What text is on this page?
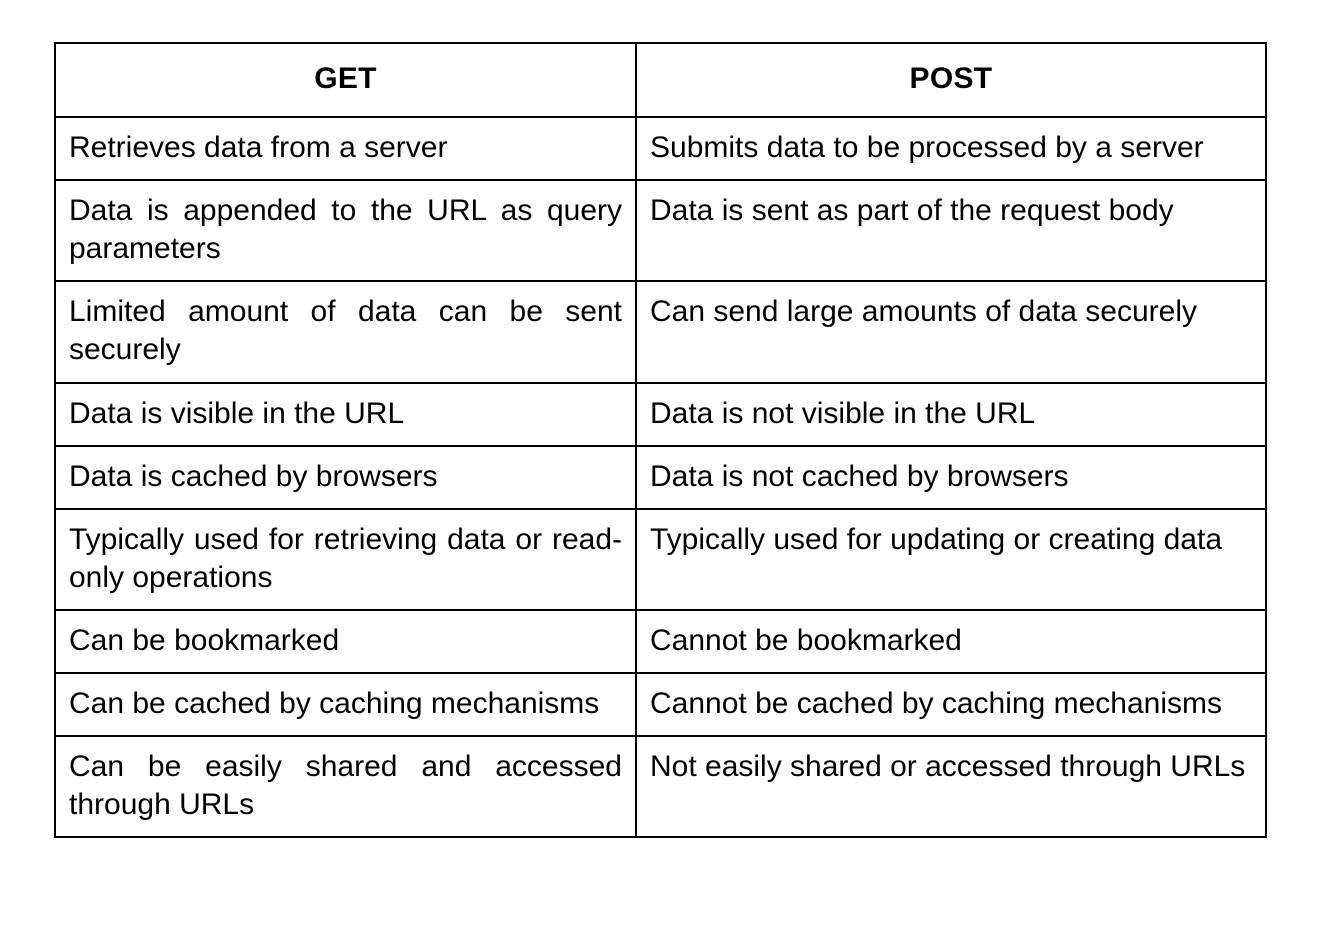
GET	POST
Retrieves data from a server	Submits data to be processed by a server
Data is appended to the URL as query parameters	Data is sent as part of the request body
Limited amount of data can be sent securely	Can send large amounts of data securely
Data is visible in the URL	Data is not visible in the URL
Data is cached by browsers	Data is not cached by browsers
Typically used for retrieving data or read-only operations	Typically used for updating or creating data
Can be bookmarked	Cannot be bookmarked
Can be cached by caching mechanisms	Cannot be cached by caching mechanisms
Can be easily shared and accessed through URLs	Not easily shared or accessed through URLs
